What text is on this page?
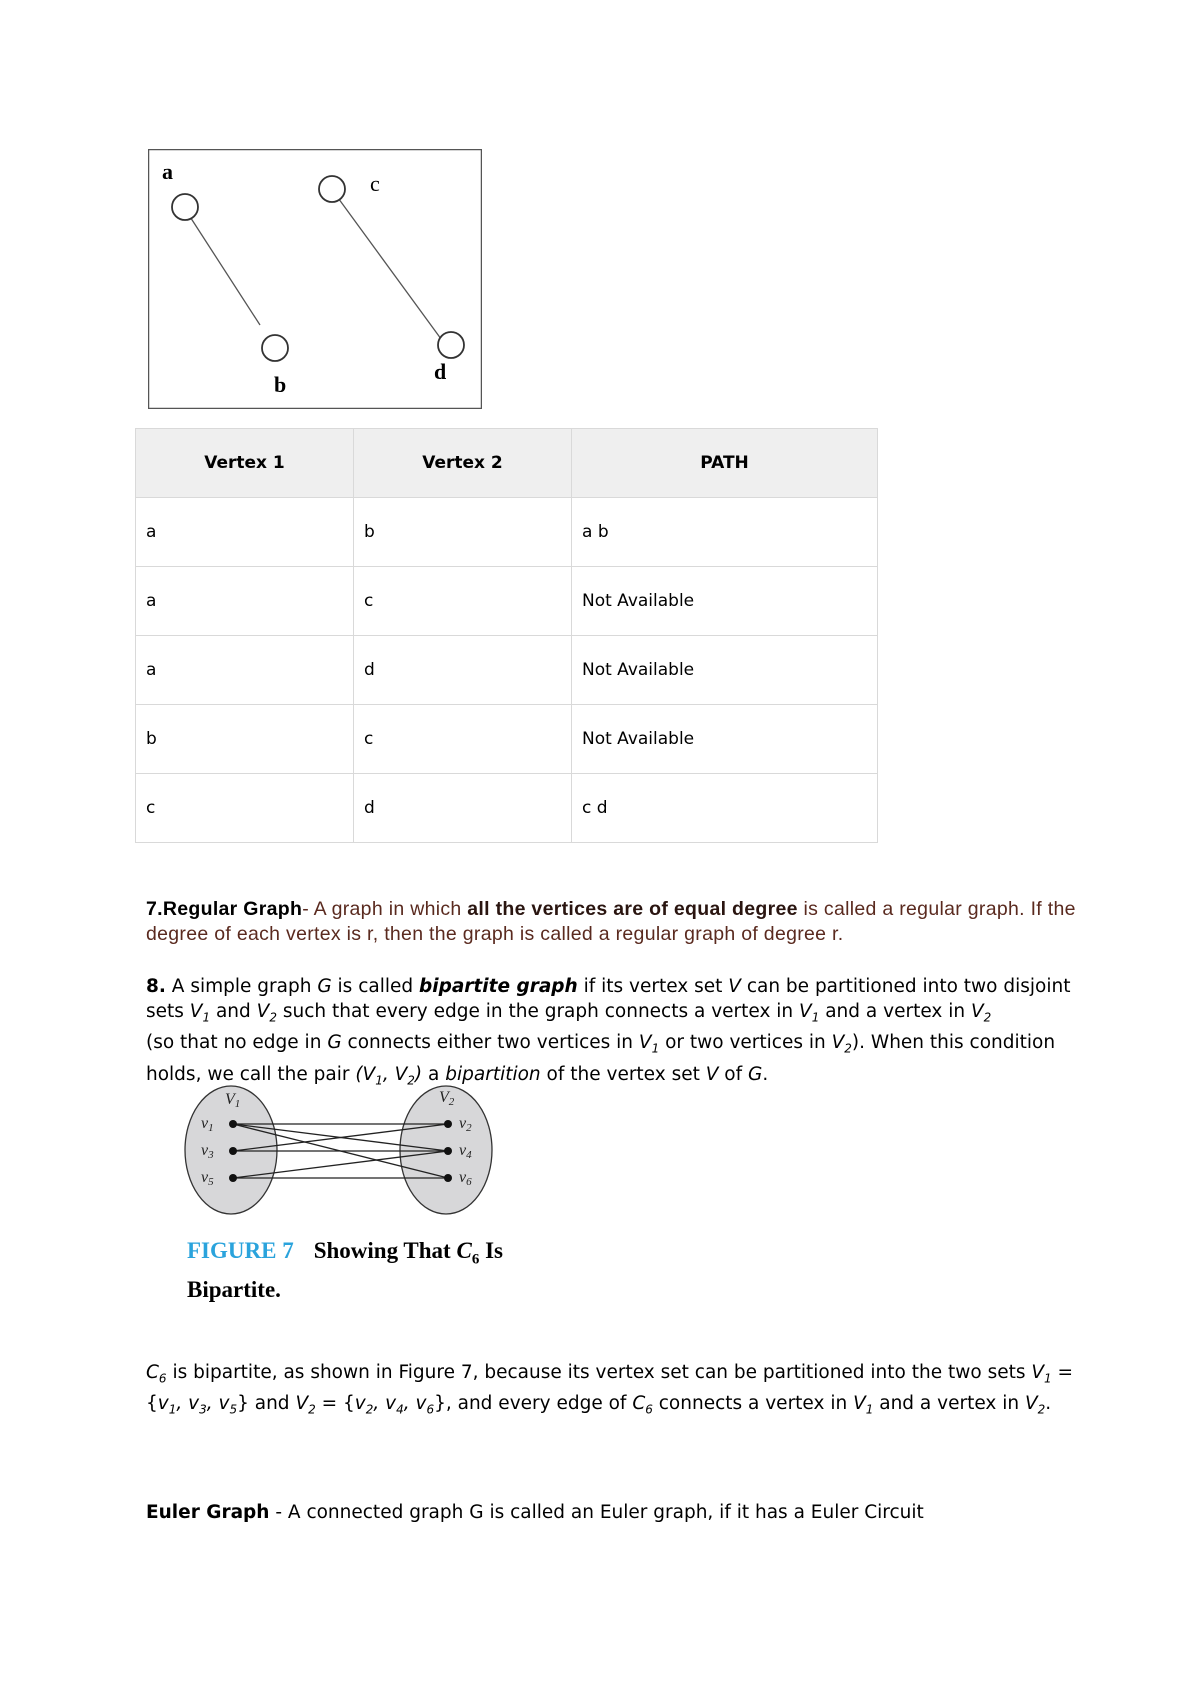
a
b
c
d
Vertex 1	Vertex 2	PATH
a	b	a b
a	c	Not Available
a	d	Not Available
b	c	Not Available
c	d	c d

7.Regular Graph- A graph in which all the vertices are of equal degree is called a regular graph. If the degree of each vertex is r, then the graph is called a regular graph of degree r.

8. A simple graph G is called bipartite graph if its vertex set V can be partitioned into two disjoint sets $V_1$ and $V_2$ such that every edge in the graph connects a vertex in $V_1$ and a vertex in $V_2$
(so that no edge in G connects either two vertices in $V_1$ or two vertices in $V_2$). When this condition holds, we call the pair ($V_1$, $V_2$) a bipartition of the vertex set V of G.

V1	V2
v1
v3
v5
v2
v4
v6
FIGURE 7 Showing That $C_6$ Is Bipartite.

$C_6$ is bipartite, as shown in Figure 7, because its vertex set can be partitioned into the two sets $V_1 = \{v_1$, $v_3$, $v_5$} and $V_2 = \{v_2$, $v_4$, $v_6$}, and every edge of $C_6$ connects a vertex in $V_1$ and a vertex in $V_2$.

Euler Graph - A connected graph G is called an Euler graph, if it has a Euler Circuit
